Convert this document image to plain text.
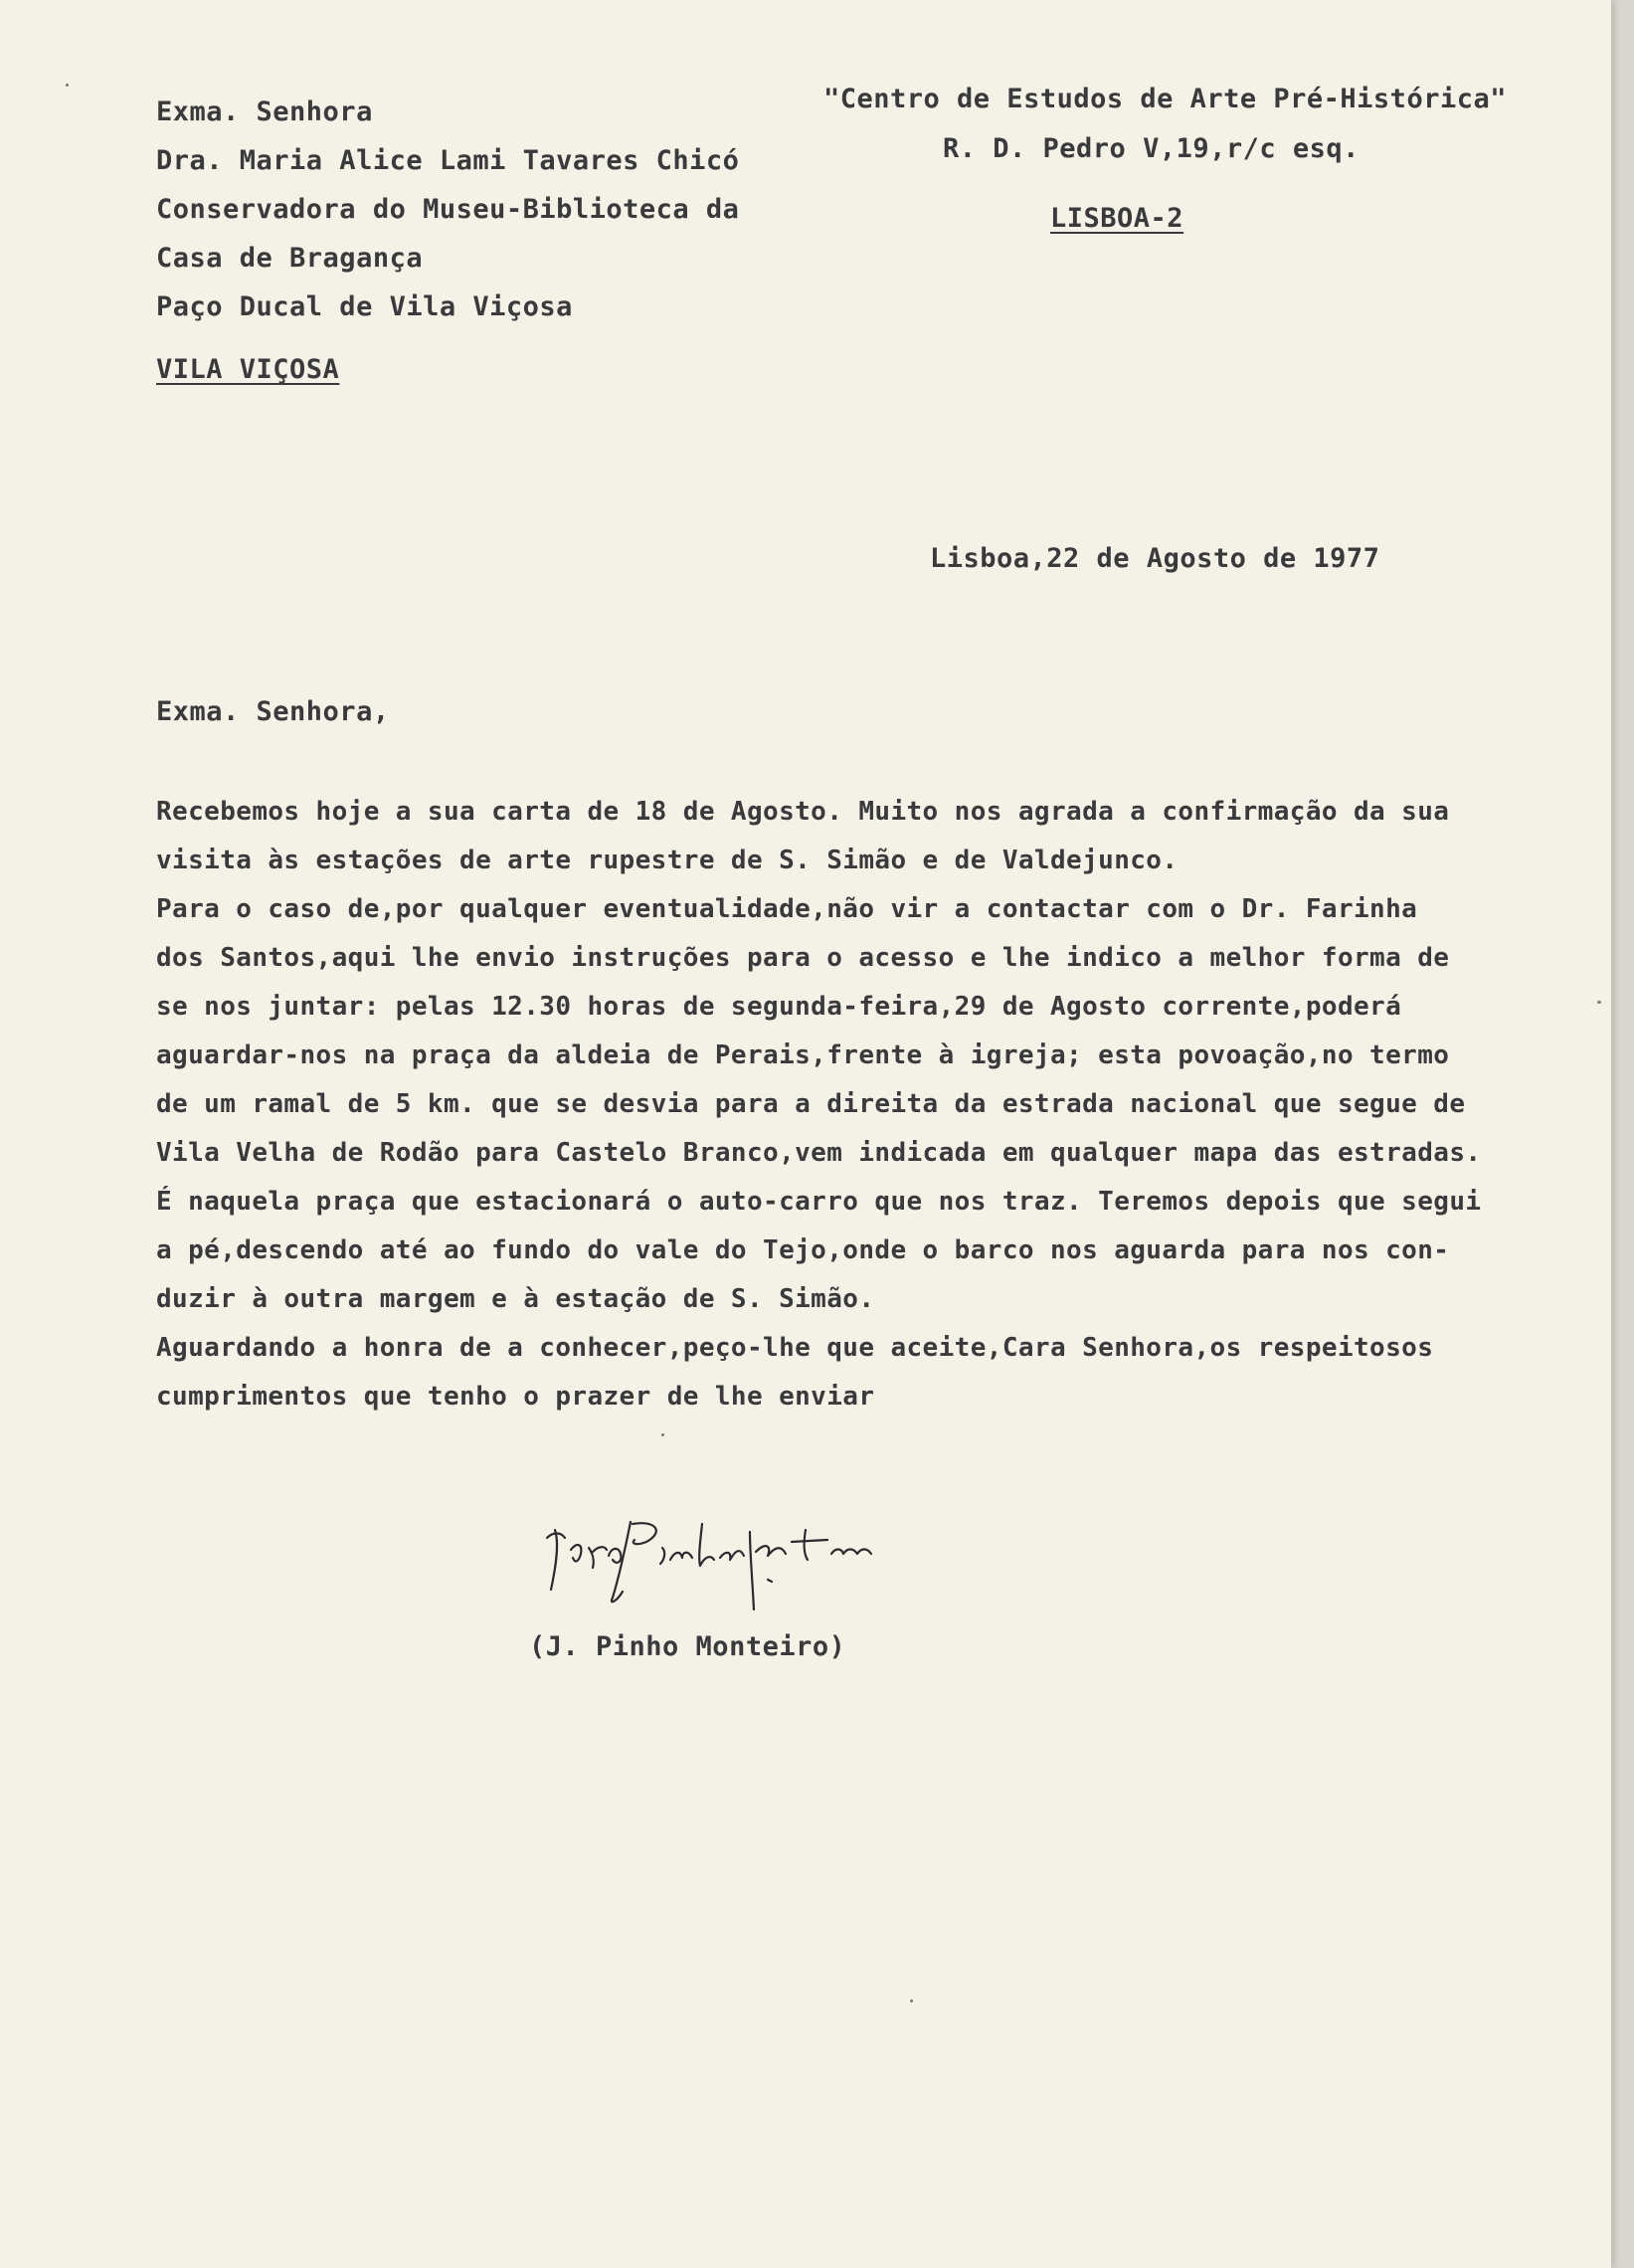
Exma. Senhora
Dra. Maria Alice Lami Tavares Chicó
Conservadora do Museu-Biblioteca da
Casa de Bragança
Paço Ducal de Vila Viçosa
VILA VIÇOSA
"Centro de Estudos de Arte Pré-Histórica"
R. D. Pedro V,19,r/c esq.
LISBOA-2
Lisboa,22 de Agosto de 1977
Exma. Senhora,
Recebemos hoje a sua carta de 18 de Agosto. Muito nos agrada a confirmação da sua
visita às estações de arte rupestre de S. Simão e de Valdejunco.
Para o caso de,por qualquer eventualidade,não vir a contactar com o Dr. Farinha
dos Santos,aqui lhe envio instruções para o acesso e lhe indico a melhor forma de
se nos juntar: pelas 12.30 horas de segunda-feira,29 de Agosto corrente,poderá
aguardar-nos na praça da aldeia de Perais,frente à igreja; esta povoação,no termo
de um ramal de 5 km. que se desvia para a direita da estrada nacional que segue de
Vila Velha de Rodão para Castelo Branco,vem indicada em qualquer mapa das estradas.
É naquela praça que estacionará o auto-carro que nos traz. Teremos depois que segui
a pé,descendo até ao fundo do vale do Tejo,onde o barco nos aguarda para nos con-
duzir à outra margem e à estação de S. Simão.
Aguardando a honra de a conhecer,peço-lhe que aceite,Cara Senhora,os respeitosos
cumprimentos que tenho o prazer de lhe enviar
(J. Pinho Monteiro)
